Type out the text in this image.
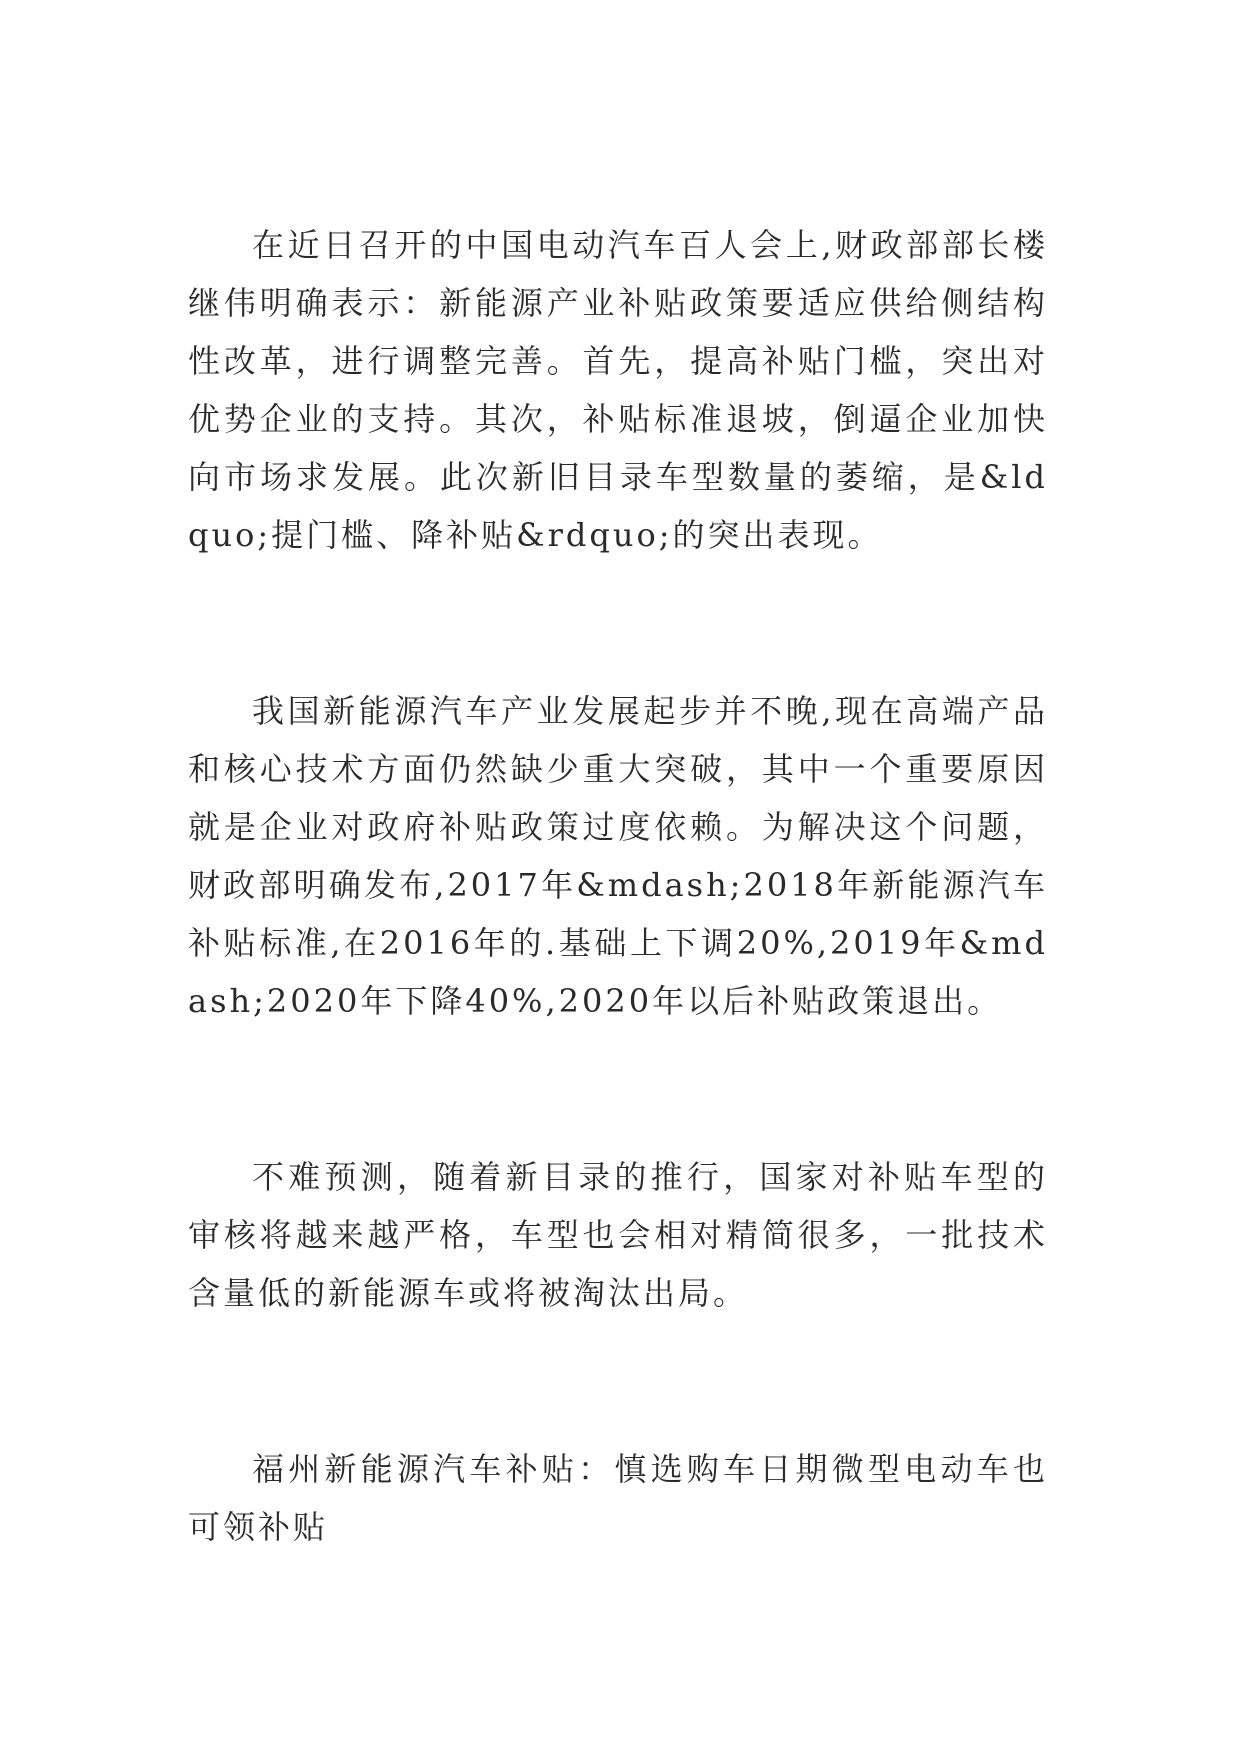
在近日召开的中国电动汽车百人会上,财政部部长楼继伟明确表示：新能源产业补贴政策要适应供给侧结构性改革，进行调整完善。首先，提高补贴门槛，突出对优势企业的支持。其次，补贴标准退坡，倒逼企业加快向市场求发展。此次新旧目录车型数量的萎缩，是&ldquo;提门槛、降补贴&rdquo;的突出表现。

我国新能源汽车产业发展起步并不晚,现在高端产品和核心技术方面仍然缺少重大突破，其中一个重要原因就是企业对政府补贴政策过度依赖。为解决这个问题，财政部明确发布,2017年&mdash;2018年新能源汽车补贴标准,在2016年的.基础上下调20%,2019年&mdash;2020年下降40%,2020年以后补贴政策退出。

不难预测，随着新目录的推行，国家对补贴车型的审核将越来越严格，车型也会相对精简很多，一批技术含量低的新能源车或将被淘汰出局。

福州新能源汽车补贴：慎选购车日期微型电动车也可领补贴
